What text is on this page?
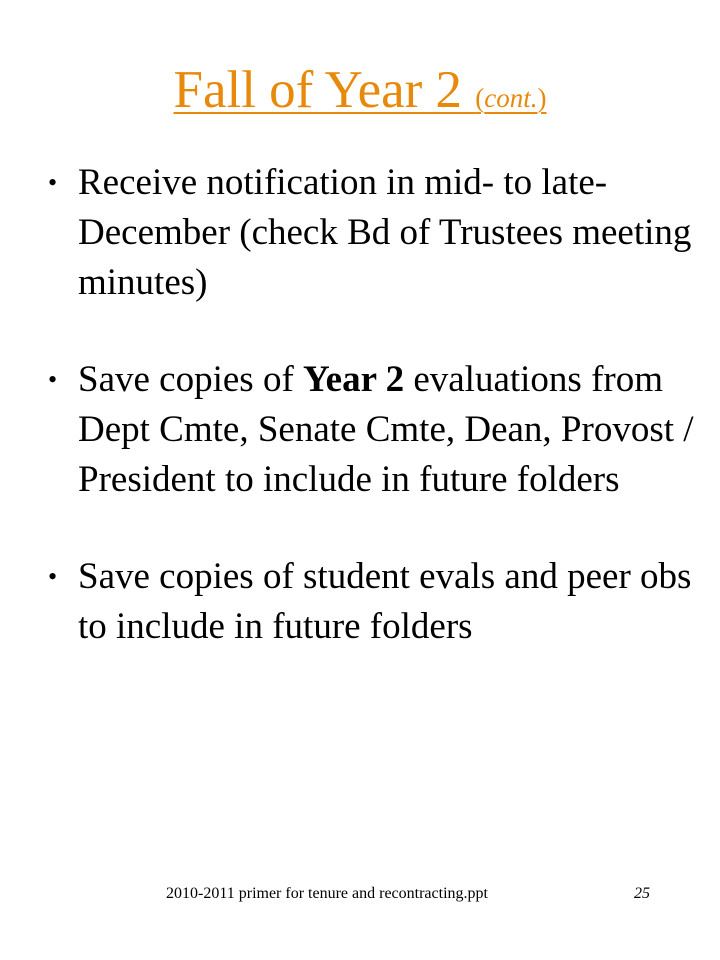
Fall of Year 2 (cont.)
• Receive notification in mid- to late-December (check Bd of Trustees meeting minutes)
• Save copies of Year 2 evaluations from Dept Cmte, Senate Cmte, Dean, Provost / President to include in future folders
• Save copies of student evals and peer obs to include in future folders
2010-2011 primer for tenure and recontracting.ppt	25
